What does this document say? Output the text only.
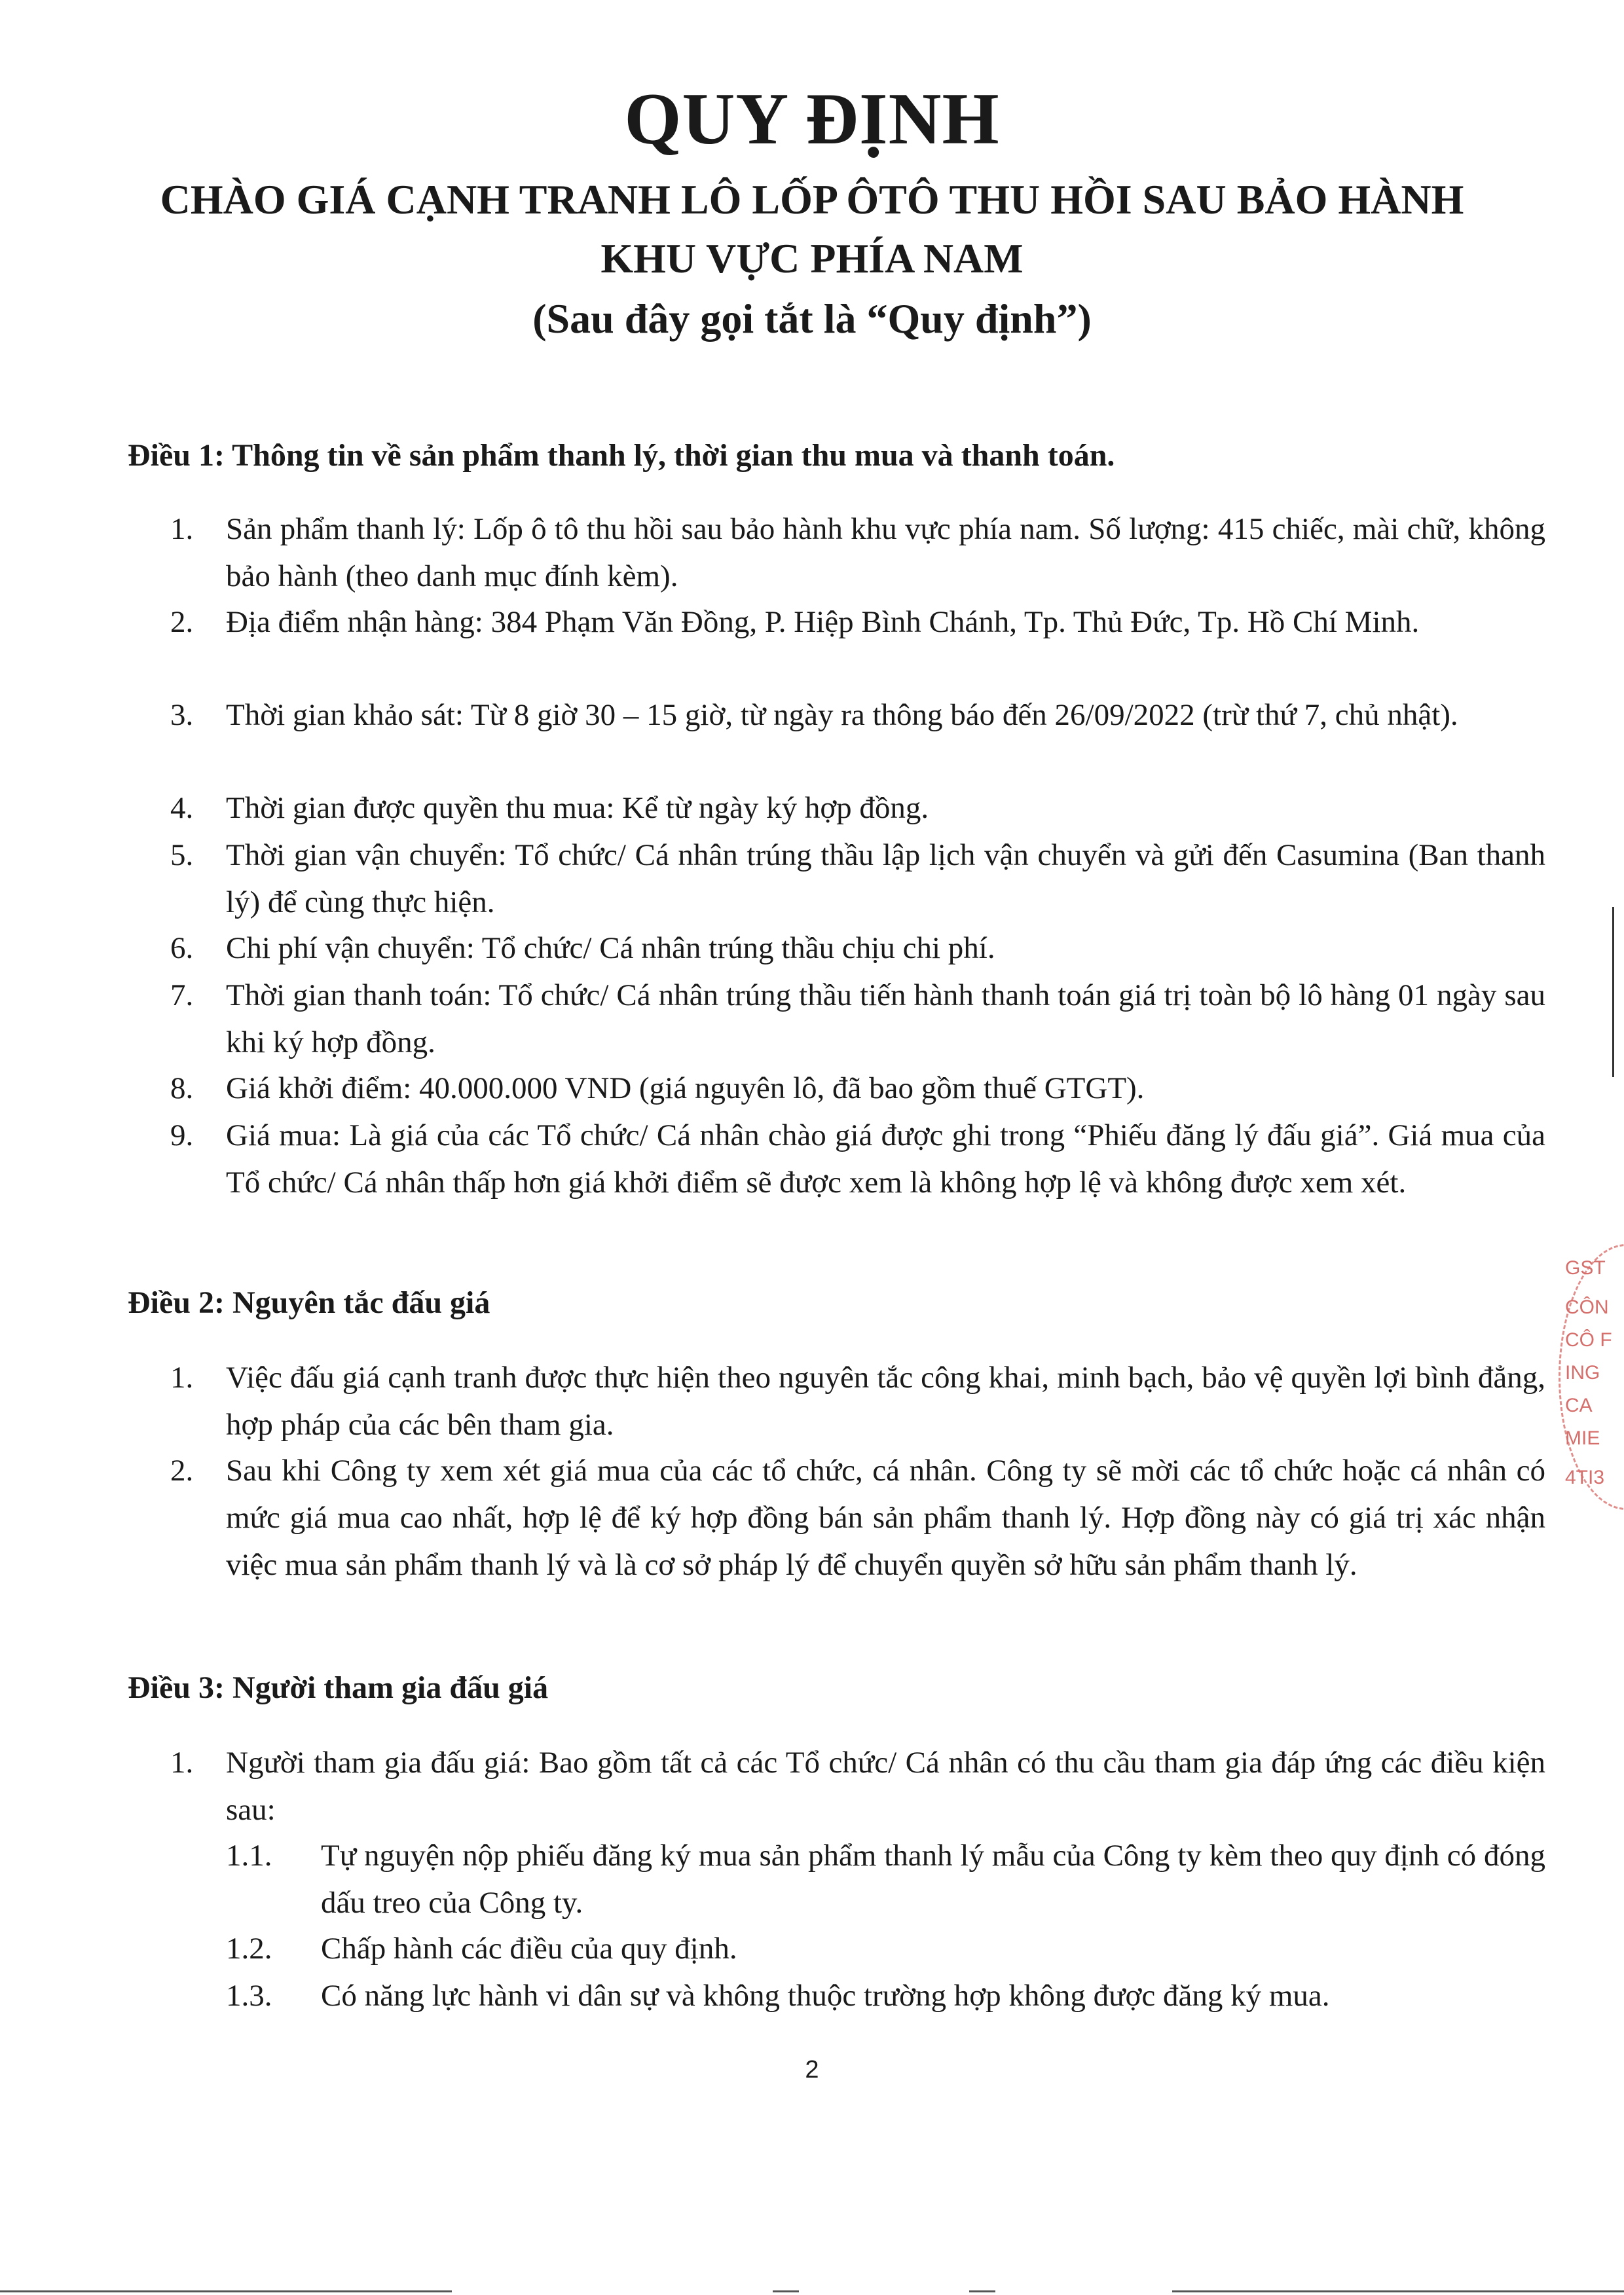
QUY ĐỊNH
CHÀO GIÁ CẠNH TRANH LÔ LỐP ÔTÔ THU HỒI SAU BẢO HÀNH
KHU VỰC PHÍA NAM
(Sau đây gọi tắt là “Quy định”)
Điều 1: Thông tin về sản phẩm thanh lý, thời gian thu mua và thanh toán.
1.	Sản phẩm thanh lý: Lốp ô tô thu hồi sau bảo hành khu vực phía nam. Số lượng: 415 chiếc, mài chữ, không bảo hành (theo danh mục đính kèm).
2.	Địa điểm nhận hàng: 384 Phạm Văn Đồng, P. Hiệp Bình Chánh, Tp. Thủ Đức, Tp. Hồ Chí Minh.
3.	Thời gian khảo sát: Từ 8 giờ 30 – 15 giờ, từ ngày ra thông báo đến 26/09/2022 (trừ thứ 7, chủ nhật).
4.	Thời gian được quyền thu mua: Kể từ ngày ký hợp đồng.
5.	Thời gian vận chuyển: Tổ chức/ Cá nhân trúng thầu lập lịch vận chuyển và gửi đến Casumina (Ban thanh lý) để cùng thực hiện.
6.	Chi phí vận chuyển: Tổ chức/ Cá nhân trúng thầu chịu chi phí.
7.	Thời gian thanh toán: Tổ chức/ Cá nhân trúng thầu tiến hành thanh toán giá trị toàn bộ lô hàng 01 ngày sau khi ký hợp đồng.
8.	Giá khởi điểm: 40.000.000 VND (giá nguyên lô, đã bao gồm thuế GTGT).
9.	Giá mua: Là giá của các Tổ chức/ Cá nhân chào giá được ghi trong “Phiếu đăng lý đấu giá”. Giá mua của Tổ chức/ Cá nhân thấp hơn giá khởi điểm sẽ được xem là không hợp lệ và không được xem xét.
Điều 2: Nguyên tắc đấu giá
1.	Việc đấu giá cạnh tranh được thực hiện theo nguyên tắc công khai, minh bạch, bảo vệ quyền lợi bình đẳng, hợp pháp của các bên tham gia.
2.	Sau khi Công ty xem xét giá mua của các tổ chức, cá nhân. Công ty sẽ mời các tổ chức hoặc cá nhân có mức giá mua cao nhất, hợp lệ để ký hợp đồng bán sản phẩm thanh lý. Hợp đồng này có giá trị xác nhận việc mua sản phẩm thanh lý và là cơ sở pháp lý để chuyển quyền sở hữu sản phẩm thanh lý.
Điều 3: Người tham gia đấu giá
1.	Người tham gia đấu giá: Bao gồm tất cả các Tổ chức/ Cá nhân có thu cầu tham gia đáp ứng các điều kiện sau:
1.1.	Tự nguyện nộp phiếu đăng ký mua sản phẩm thanh lý mẫu của Công ty kèm theo quy định có đóng dấu treo của Công ty.
1.2.	Chấp hành các điều của quy định.
1.3.	Có năng lực hành vi dân sự và không thuộc trường hợp không được đăng ký mua.
2
GST
CÔN
CÔ F
ING
CA
MIE
4TI3
